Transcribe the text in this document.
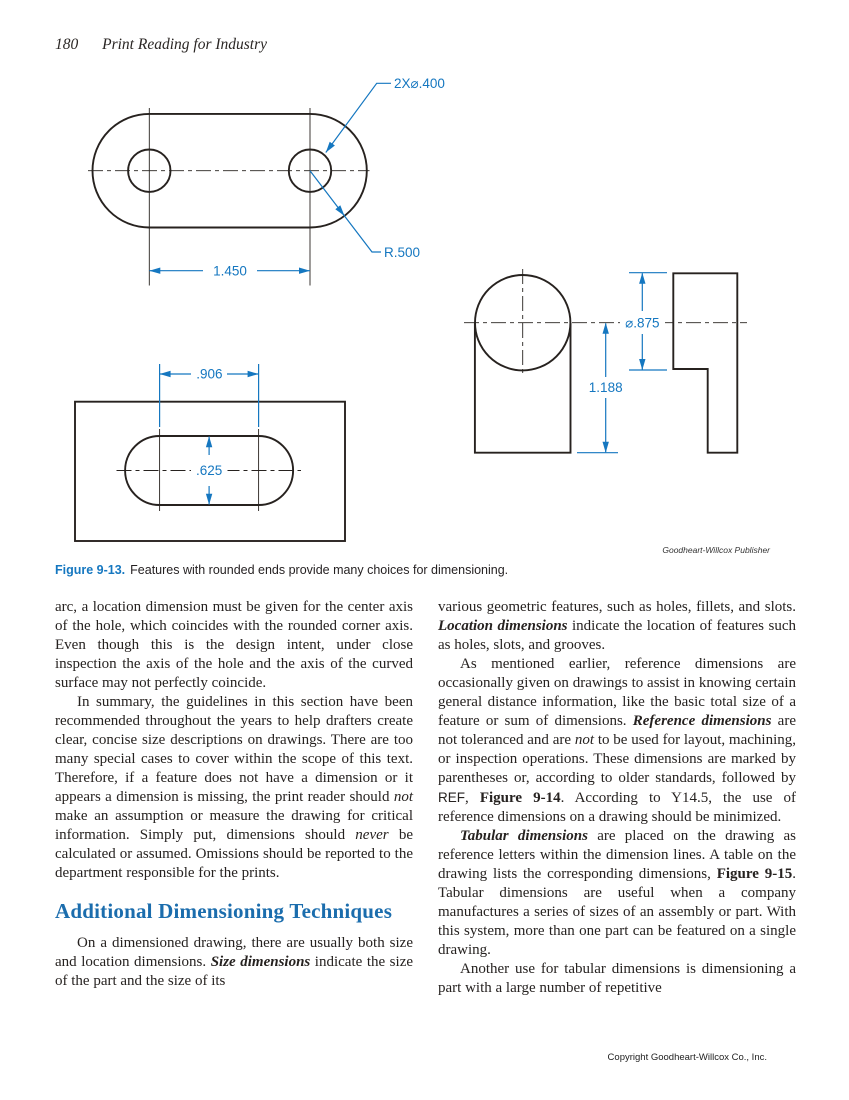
180 Print Reading for Industry
1.450
2X⌀.400
R.500
.906
.625
⌀.875
1.188
Goodheart-Willcox Publisher
Figure 9-13. Features with rounded ends provide many choices for dimensioning.

arc, a location dimension must be given for the center axis of the hole, which coincides with the rounded corner axis. Even though this is the design intent, under close inspection the axis of the hole and the axis of the curved surface may not perfectly coincide.

In summary, the guidelines in this section have been recommended throughout the years to help drafters create clear, concise size descriptions on drawings. There are too many special cases to cover within the scope of this text. Therefore, if a feature does not have a dimension or it appears a dimension is missing, the print reader should not make an assumption or measure the drawing for critical information. Simply put, dimensions should never be calculated or assumed. Omissions should be reported to the department responsible for the prints.

Additional Dimensioning Techniques

On a dimensioned drawing, there are usually both size and location dimensions. Size dimensions indicate the size of the part and the size of its

various geometric features, such as holes, fillets, and slots. Location dimensions indicate the location of features such as holes, slots, and grooves.

As mentioned earlier, reference dimensions are occasionally given on drawings to assist in knowing certain general distance information, like the basic total size of a feature or sum of dimensions. Reference dimensions are not toleranced and are not to be used for layout, machining, or inspection operations. These dimensions are marked by parentheses or, according to older standards, followed by REF, Figure 9-14. According to Y14.5, the use of reference dimensions on a drawing should be minimized.

Tabular dimensions are placed on the drawing as reference letters within the dimension lines. A table on the drawing lists the corresponding dimensions, Figure 9-15. Tabular dimensions are useful when a company manufactures a series of sizes of an assembly or part. With this system, more than one part can be featured on a single drawing.

Another use for tabular dimensions is dimensioning a part with a large number of repetitive

Copyright Goodheart-Willcox Co., Inc.
